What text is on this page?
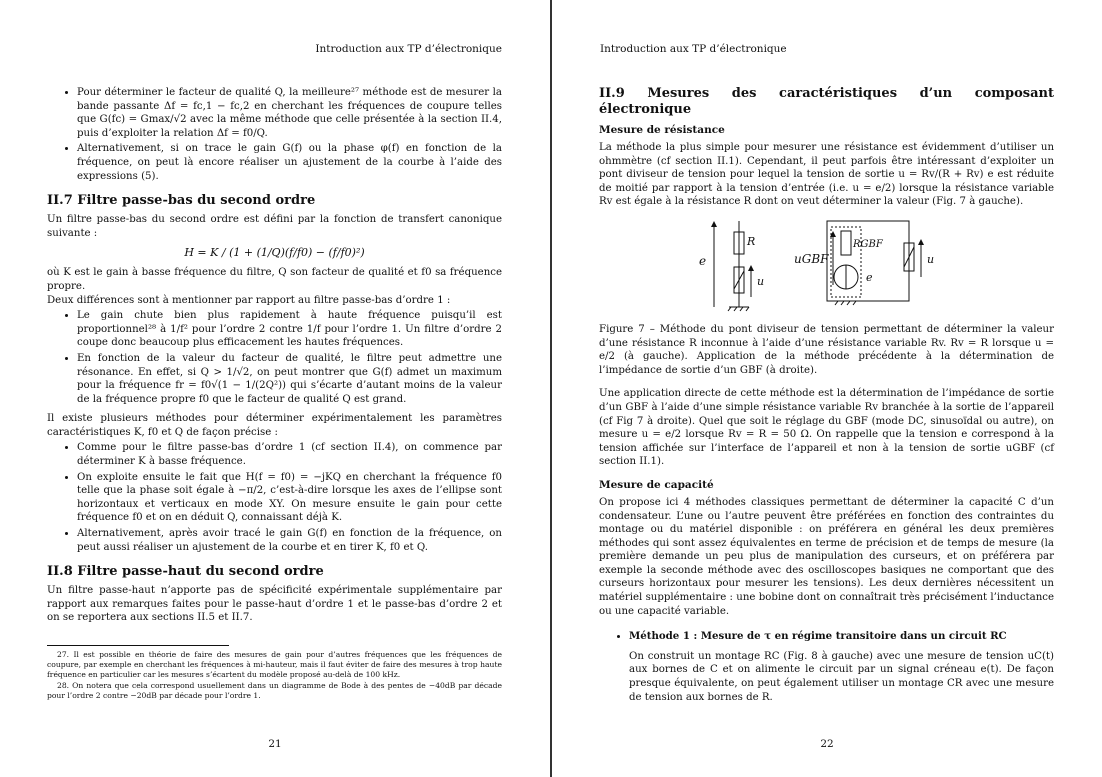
Introduction aux TP d’électronique
• Pour déterminer le facteur de qualité Q, la meilleure²⁷ méthode est de mesurer la bande passante Δf = fc,1 − fc,2 en cherchant les fréquences de coupure telles que G(fc) = Gmax/√2 avec la même méthode que celle présentée à la section II.4, puis d’exploiter la relation Δf = f0/Q.
• Alternativement, si on trace le gain G(f) ou la phase φ(f) en fonction de la fréquence, on peut là encore réaliser un ajustement de la courbe à l’aide des expressions (5).
II.7 Filtre passe-bas du second ordre

Un filtre passe-bas du second ordre est défini par la fonction de transfert canonique suivante :

H = K / (1 + (1/Q)(f/f0) − (f/f0)²)

où K est le gain à basse fréquence du filtre, Q son facteur de qualité et f0 sa fréquence propre.

Deux différences sont à mentionner par rapport au filtre passe-bas d’ordre 1 :

• Le gain chute bien plus rapidement à haute fréquence puisqu’il est proportionnel²⁸ à 1/f² pour l’ordre 2 contre 1/f pour l’ordre 1. Un filtre d’ordre 2 coupe donc beaucoup plus efficacement les hautes fréquences.
• En fonction de la valeur du facteur de qualité, le filtre peut admettre une résonance. En effet, si Q > 1/√2, on peut montrer que G(f) admet un maximum pour la fréquence fr = f0√(1 − 1/(2Q²)) qui s’écarte d’autant moins de la valeur de la fréquence propre f0 que le facteur de qualité Q est grand.

Il existe plusieurs méthodes pour déterminer expérimentalement les paramètres caractéristiques K, f0 et Q de façon précise :

• Comme pour le filtre passe-bas d’ordre 1 (cf section II.4), on commence par déterminer K à basse fréquence.
• On exploite ensuite le fait que H(f = f0) = −jKQ en cherchant la fréquence f0 telle que la phase soit égale à −π/2, c’est-à-dire lorsque les axes de l’ellipse sont horizontaux et verticaux en mode XY. On mesure ensuite le gain pour cette fréquence f0 et on en déduit Q, connaissant déjà K.
• Alternativement, après avoir tracé le gain G(f) en fonction de la fréquence, on peut aussi réaliser un ajustement de la courbe et en tirer K, f0 et Q.
II.8 Filtre passe-haut du second ordre

Un filtre passe-haut n’apporte pas de spécificité expérimentale supplémentaire par rapport aux remarques faites pour le passe-haut d’ordre 1 et le passe-bas d’ordre 2 et on se reportera aux sections II.5 et II.7.

27. Il est possible en théorie de faire des mesures de gain pour d’autres fréquences que les fréquences de coupure, par exemple en cherchant les fréquences à mi-hauteur, mais il faut éviter de faire des mesures à trop haute fréquence en particulier car les mesures s’écartent du modèle proposé au-delà de 100 kHz.

28. On notera que cela correspond usuellement dans un diagramme de Bode à des pentes de −40dB par décade pour l’ordre 2 contre −20dB par décade pour l’ordre 1.

21
Introduction aux TP d’électronique
II.9 Mesures des caractéristiques d’un composant électronique
Mesure de résistance

La méthode la plus simple pour mesurer une résistance est évidemment d’utiliser un ohmmètre (cf section II.1). Cependant, il peut parfois être intéressant d’exploiter un pont diviseur de tension pour lequel la tension de sortie u = Rv/(R + Rv) e est réduite de moitié par rapport à la tension d’entrée (i.e. u = e/2) lorsque la résistance variable Rv est égale à la résistance R dont on veut déterminer la valeur (Fig. 7 à gauche).

e
R
u
uGBF
RGBF
e
u

Figure 7 – Méthode du pont diviseur de tension permettant de déterminer la valeur d’une résistance R inconnue à l’aide d’une résistance variable Rv. Rv = R lorsque u = e/2 (à gauche). Application de la méthode précédente à la détermination de l’impédance de sortie d’un GBF (à droite).

Une application directe de cette méthode est la détermination de l’impédance de sortie d’un GBF à l’aide d’une simple résistance variable Rv branchée à la sortie de l’appareil (cf Fig 7 à droite). Quel que soit le réglage du GBF (mode DC, sinusoïdal ou autre), on mesure u = e/2 lorsque Rv = R = 50 Ω. On rappelle que la tension e correspond à la tension affichée sur l’interface de l’appareil et non à la tension de sortie uGBF (cf section II.1).

Mesure de capacité

On propose ici 4 méthodes classiques permettant de déterminer la capacité C d’un condensateur. L’une ou l’autre peuvent être préférées en fonction des contraintes du montage ou du matériel disponible : on préférera en général les deux premières méthodes qui sont assez équivalentes en terme de précision et de temps de mesure (la première demande un peu plus de manipulation des curseurs, et on préférera par exemple la seconde méthode avec des oscilloscopes basiques ne comportant que des curseurs horizontaux pour mesurer les tensions). Les deux dernières nécessitent un matériel supplémentaire : une bobine dont on connaîtrait très précisément l’inductance ou une capacité variable.

• Méthode 1 : Mesure de τ en régime transitoire dans un circuit RC

On construit un montage RC (Fig. 8 à gauche) avec une mesure de tension uC(t) aux bornes de C et on alimente le circuit par un signal créneau e(t). De façon presque équivalente, on peut également utiliser un montage CR avec une mesure de tension aux bornes de R.

22
